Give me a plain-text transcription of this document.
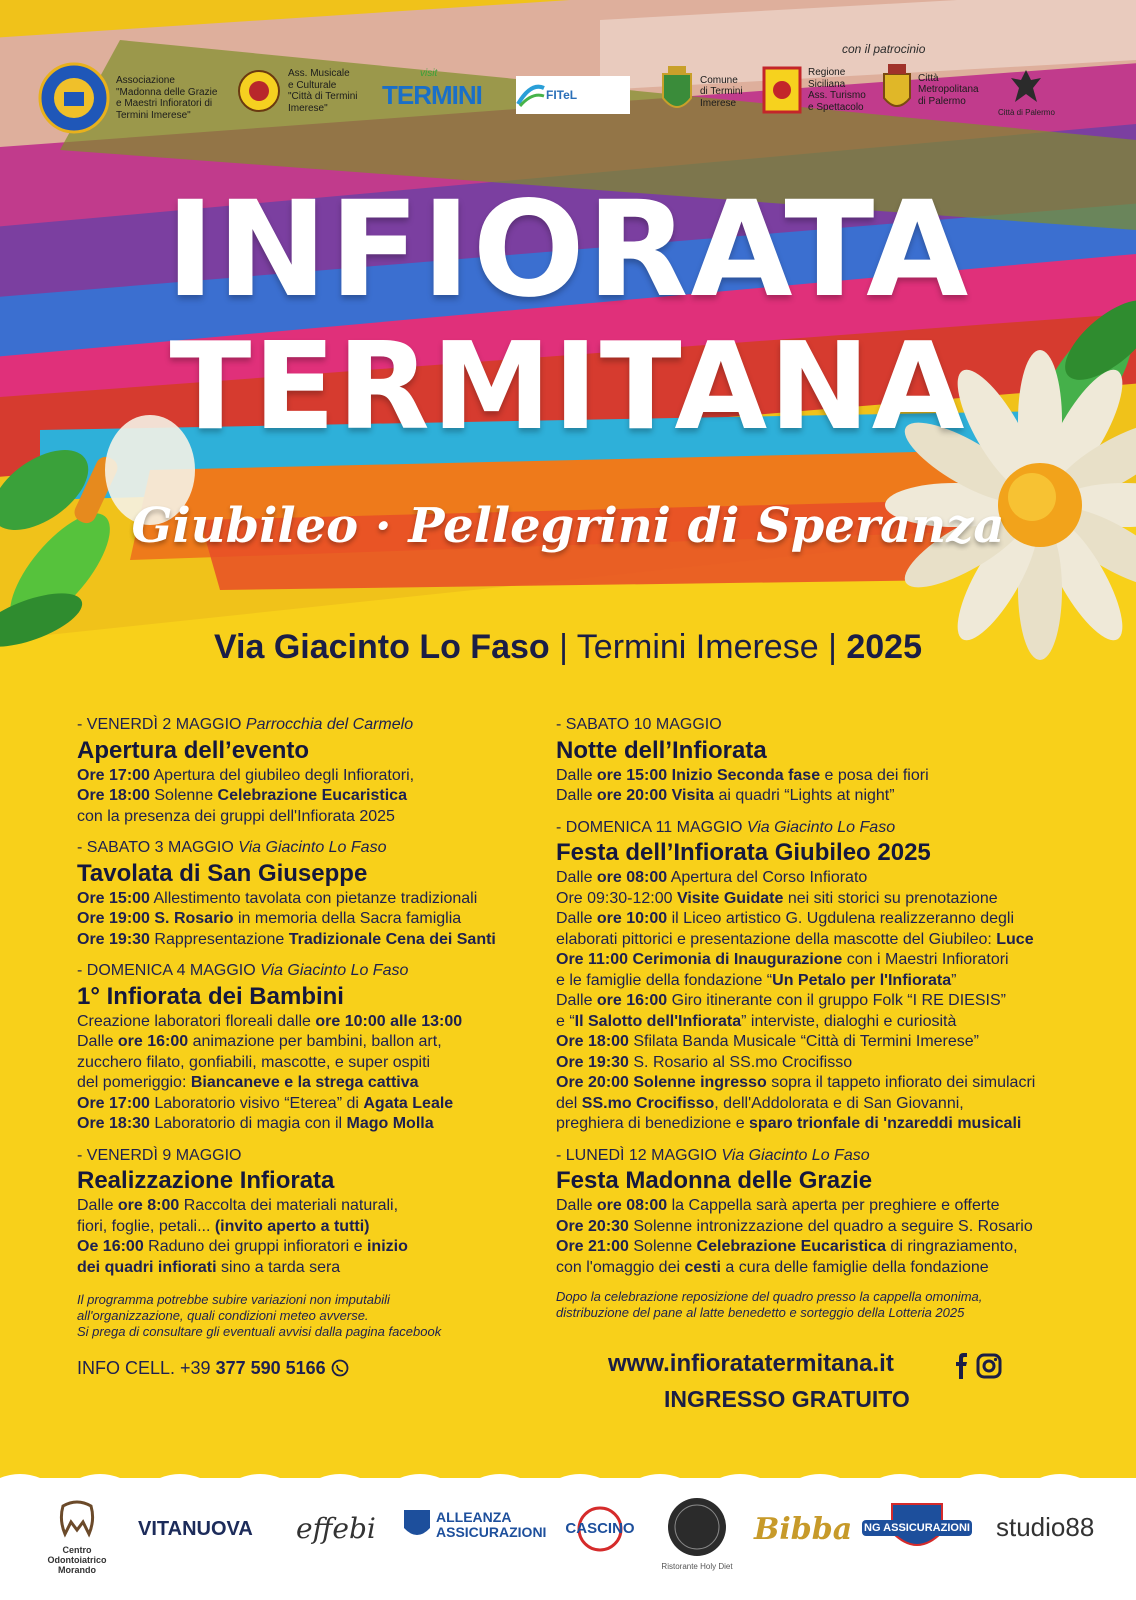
con il patrocinio
Associazione
"Madonna delle Grazie
e Maestri Infioratori di
Termini Imerese"
Ass. Musicale
e Culturale
"Città di Termini
Imerese"
visit
TERMINI	FITeL
Comune
di Termini
Imerese
Regione
Siciliana
Ass. Turismo
e Spettacolo
Città
Metropolitana
di Palermo
Città di Palermo
INFIORATA
TERMITANA
Giubileo · Pellegrini di Speranza
Via Giacinto Lo Faso | Termini Imerese | 2025
- VENERDÌ 2 MAGGIO Parrocchia del Carmelo
Apertura dell’evento
Ore 17:00 Apertura del giubileo degli Infioratori,
Ore 18:00 Solenne Celebrazione Eucaristica
con la presenza dei gruppi dell'Infiorata 2025
- SABATO 3 MAGGIO Via Giacinto Lo Faso
Tavolata di San Giuseppe
Ore 15:00 Allestimento tavolata con pietanze tradizionali
Ore 19:00 S. Rosario in memoria della Sacra famiglia
Ore 19:30 Rappresentazione Tradizionale Cena dei Santi
- DOMENICA 4 MAGGIO Via Giacinto Lo Faso
1° Infiorata dei Bambini
Creazione laboratori floreali dalle ore 10:00 alle 13:00
Dalle ore 16:00 animazione per bambini, ballon art,
zucchero filato, gonfiabili, mascotte, e super ospiti
del pomeriggio: Biancaneve e la strega cattiva
Ore 17:00 Laboratorio visivo “Eterea” di Agata Leale
Ore 18:30 Laboratorio di magia con il Mago Molla
- VENERDÌ 9 MAGGIO
Realizzazione Infiorata
Dalle ore 8:00 Raccolta dei materiali naturali,
fiori, foglie, petali... (invito aperto a tutti)
Oe 16:00 Raduno dei gruppi infioratori e inizio
dei quadri infiorati sino a tarda sera
Il programma potrebbe subire variazioni non imputabili
all'organizzazione, quali condizioni meteo avverse.
Si prega di consultare gli eventuali avvisi dalla pagina facebook
INFO CELL. +39 377 590 5166
- SABATO 10 MAGGIO
Notte dell’Infiorata
Dalle ore 15:00 Inizio Seconda fase e posa dei fiori
Dalle ore 20:00 Visita ai quadri “Lights at night”
- DOMENICA 11 MAGGIO Via Giacinto Lo Faso
Festa dell’Infiorata Giubileo 2025
Dalle ore 08:00 Apertura del Corso Infiorato
Ore 09:30-12:00 Visite Guidate nei siti storici su prenotazione
Dalle ore 10:00 il Liceo artistico G. Ugdulena realizzeranno degli
elaborati pittorici e presentazione della mascotte del Giubileo: Luce
Ore 11:00 Cerimonia di Inaugurazione con i Maestri Infioratori
e le famiglie della fondazione “Un Petalo per l'Infiorata”
Dalle ore 16:00 Giro itinerante con il gruppo Folk “I RE DIESIS”
e “Il Salotto dell'Infiorata” interviste, dialoghi e curiosità
Ore 18:00 Sfilata Banda Musicale “Città di Termini Imerese”
Ore 19:30 S. Rosario al SS.mo Crocifisso
Ore 20:00 Solenne ingresso sopra il tappeto infiorato dei simulacri
del SS.mo Crocifisso, dell'Addolorata e di San Giovanni,
preghiera di benedizione e sparo trionfale di 'nzareddi musicali
- LUNEDÌ 12 MAGGIO Via Giacinto Lo Faso
Festa Madonna delle Grazie
Dalle ore 08:00 la Cappella sarà aperta per preghiere e offerte
Ore 20:30 Solenne intronizzazione del quadro a seguire S. Rosario
Ore 21:00 Solenne Celebrazione Eucaristica di ringraziamento,
con l'omaggio dei cesti a cura delle famiglie della fondazione
Dopo la celebrazione reposizione del quadro presso la cappella omonima,
distribuzione del pane al latte benedetto e sorteggio della Lotteria 2025
www.infioratatermitana.it
INGRESSO GRATUITO
Centro Odontoiatrico Morando
VITANUOVA effebi	ALLEANZA ASSICURAZIONI	CASCINO
Ristorante Holy Diet
Bibba NG ASSICURAZIONI studio88
